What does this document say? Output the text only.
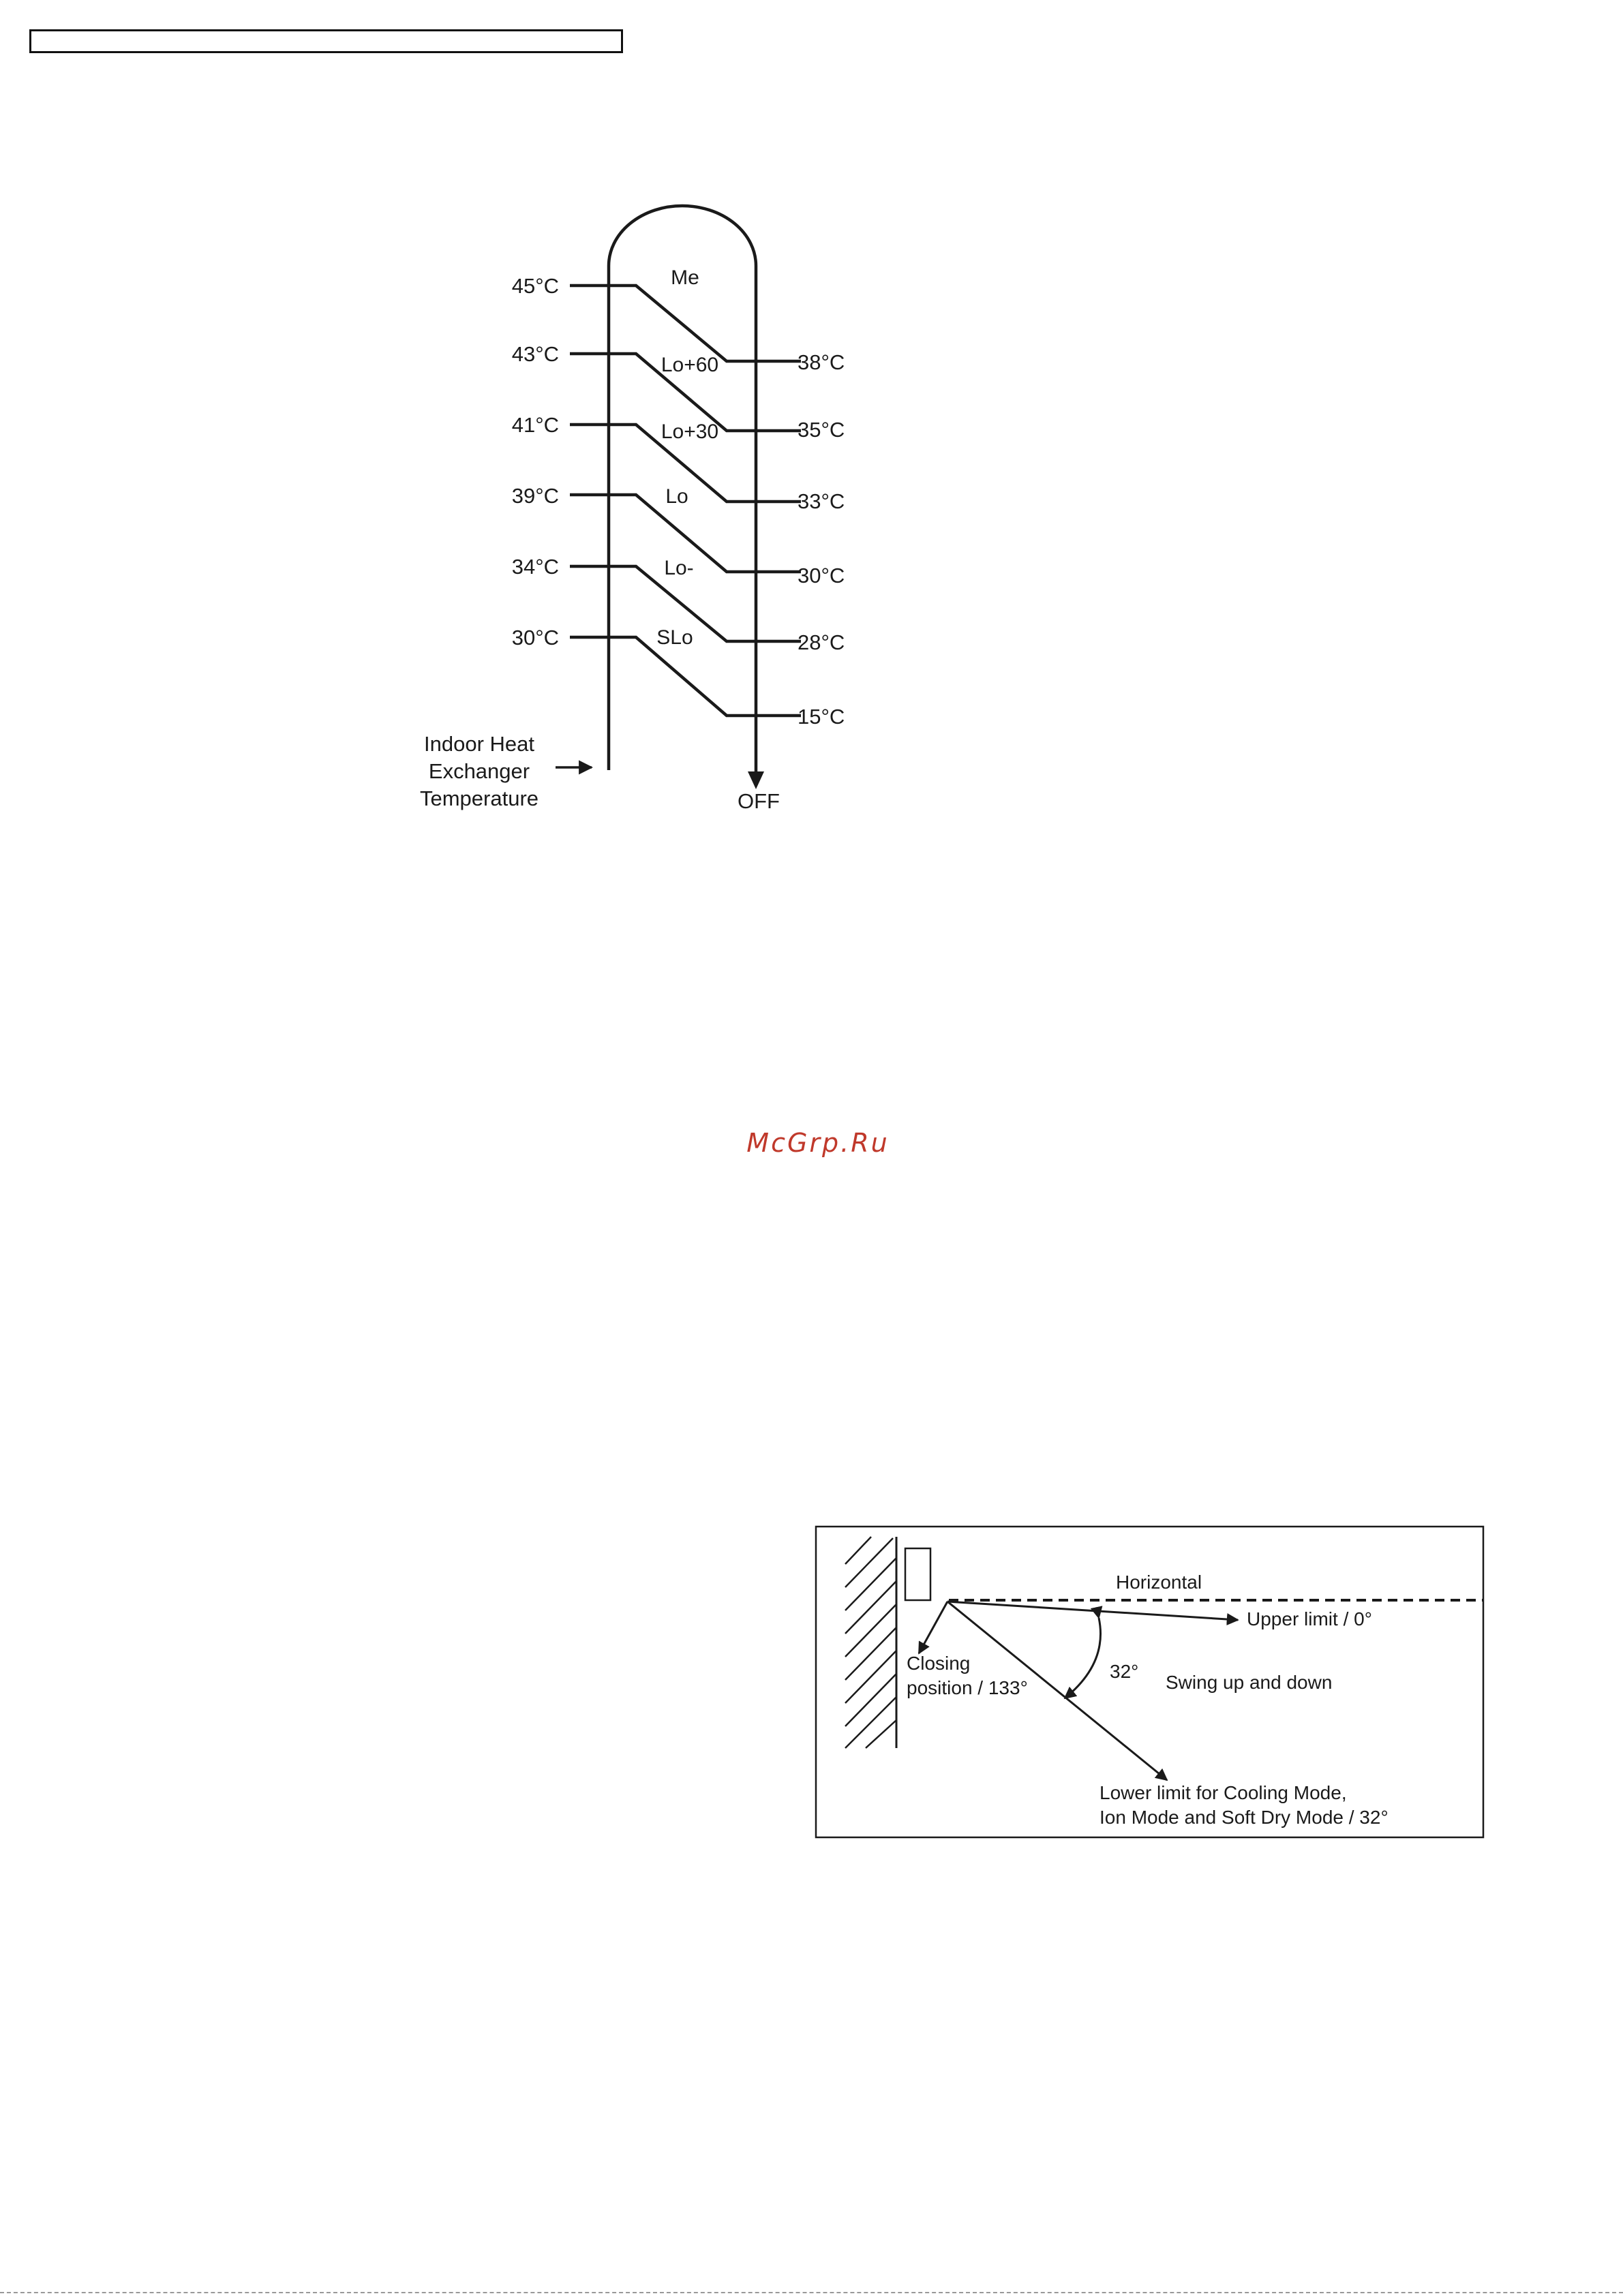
45°C
43°C
41°C
39°C
34°C
30°C
38°C
35°C
33°C
30°C
28°C
15°C
Me
Lo+60
Lo+30
Lo
Lo-
SLo
OFF
Indoor Heat
Exchanger
Temperature
Horizontal
Upper limit / 0°
Closing
position / 133°
32°
Swing up and down
Lower limit for Cooling Mode,
Ion Mode and Soft Dry Mode / 32°
McGrp.Ru
